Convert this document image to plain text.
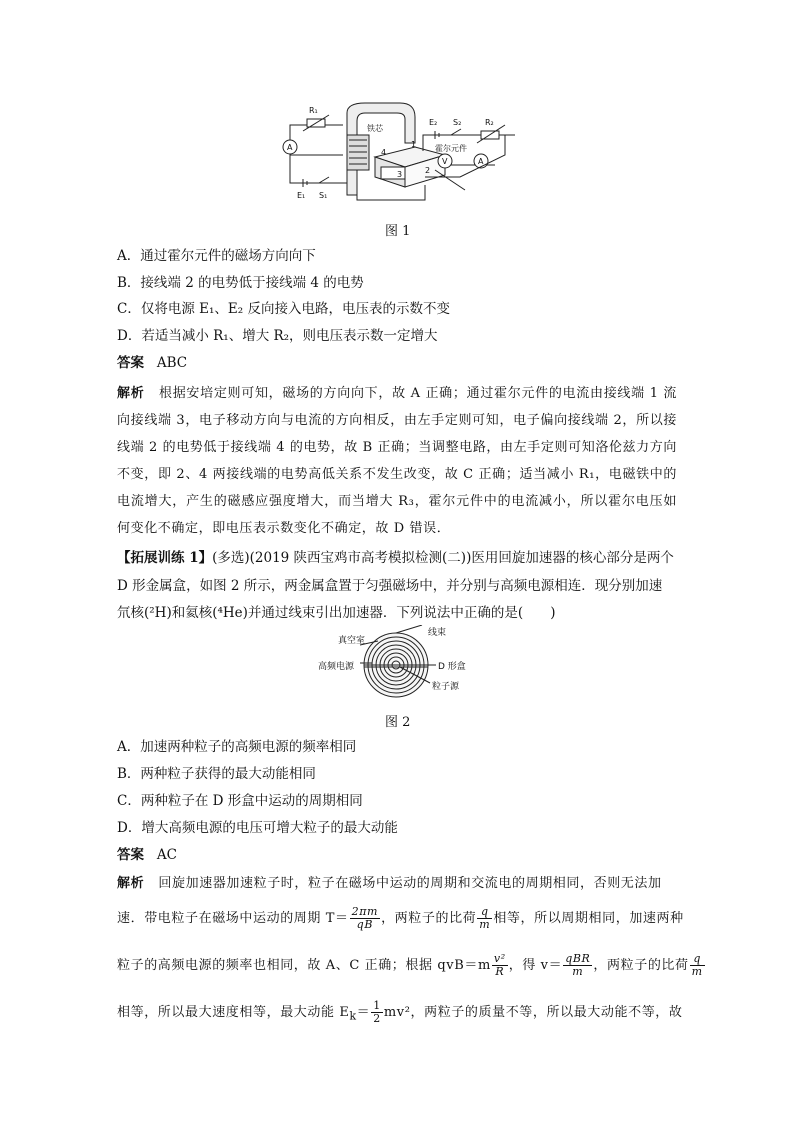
R₁
铁芯
E₂ S₂	R₂
霍尔元件
V	A
A
E₁ S₁
1
4
3	2
图 1
A．通过霍尔元件的磁场方向向下
B．接线端 2 的电势低于接线端 4 的电势
C．仅将电源 E₁、E₂ 反向接入电路，电压表的示数不变
D．若适当减小 R₁、增大 R₂，则电压表示数一定增大
答案 ABC
解析 根据安培定则可知，磁场的方向向下，故 A 正确；通过霍尔元件的电流由接线端 1 流向接线端 3，电子移动方向与电流的方向相反，由左手定则可知，电子偏向接线端 2，所以接线端 2 的电势低于接线端 4 的电势，故 B 正确；当调整电路，由左手定则可知洛伦兹力方向不变，即 2、4 两接线端的电势高低关系不发生改变，故 C 正确；适当减小 R₁，电磁铁中的电流增大，产生的磁感应强度增大，而当增大 R₃，霍尔元件中的电流减小，所以霍尔电压如何变化不确定，即电压表示数变化不确定，故 D 错误．
【拓展训练 1】(多选)(2019 陕西宝鸡市高考模拟检测(二))医用回旋加速器的核心部分是两个
D 形金属盒，如图 2 所示，两金属盒置于匀强磁场中，并分别与高频电源相连．现分别加速
氘核(²H)和氦核(⁴He)并通过线束引出加速器．下列说法中正确的是(　　)
真空室
线束
高频电源	D 形盒
粒子源
图 2
A．加速两种粒子的高频电源的频率相同
B．两种粒子获得的最大动能相同
C．两种粒子在 D 形盒中运动的周期相同
D．增大高频电源的电压可增大粒子的最大动能
答案 AC
解析 回旋加速器加速粒子时，粒子在磁场中运动的周期和交流电的周期相同，否则无法加
速．带电粒子在磁场中运动的周期 $T= \frac{2\pi m}{qB}$ ，两粒子的比荷 $\frac{q}{m}$ 相等，所以周期相同，加速两种
粒子的高频电源的频率也相同，故 A、C 正确；根据 $qvB=m \frac{\text{v²}}{R}$ ，得 $v= \frac{\text{qBR}}{m}$ ，两粒子的比荷 $\frac{q}{m}$
相等，所以最大速度相等，最大动能 $E_k= \frac{1}{2} mv^2$，两粒子的质量不等，所以最大动能不等，故
